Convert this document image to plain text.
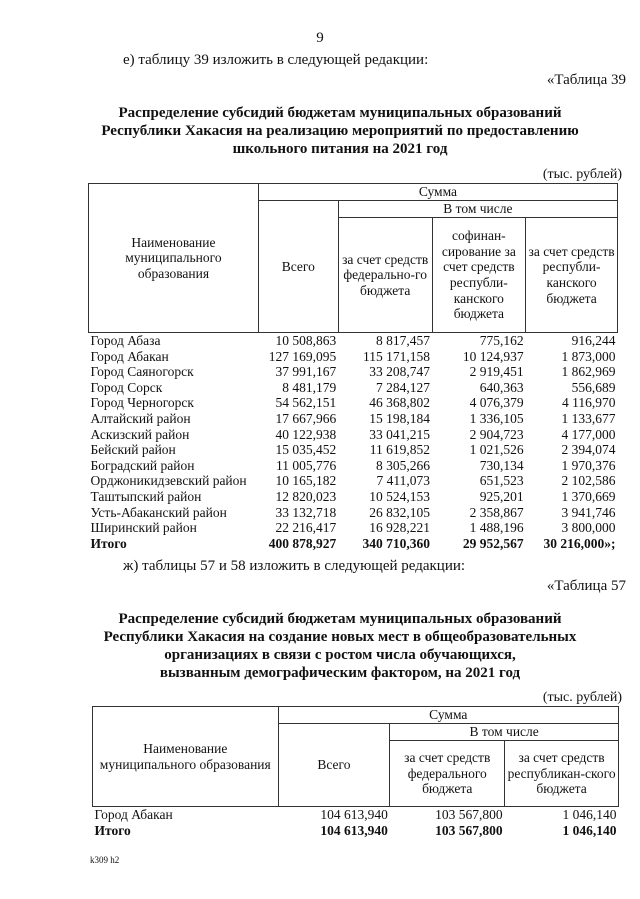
9
е) таблицу 39 изложить в следующей редакции:
«Таблица 39
Распределение субсидий бюджетам муниципальных образований
Республики Хакасия на реализацию мероприятий по предоставлению
школьного питания на 2021 год
(тыс. рублей)
Наименование муниципального образования	Сумма			
	Всего	В том числе		
		за счет средств федерально-го бюджета	софинан-сирование за счет средств республи-канского бюджета	за счет средств республи-канского бюджета
Город Абаза	10 508,863	8 817,457	775,162	916,244
Город Абакан	127 169,095	115 171,158	10 124,937	1 873,000
Город Саяногорск	37 991,167	33 208,747	2 919,451	1 862,969
Город Сорск	8 481,179	7 284,127	640,363	556,689
Город Черногорск	54 562,151	46 368,802	4 076,379	4 116,970
Алтайский район	17 667,966	15 198,184	1 336,105	1 133,677
Аскизский район	40 122,938	33 041,215	2 904,723	4 177,000
Бейский район	15 035,452	11 619,852	1 021,526	2 394,074
Боградский район	11 005,776	8 305,266	730,134	1 970,376
Орджоникидзевский район	10 165,182	7 411,073	651,523	2 102,586
Таштыпский район	12 820,023	10 524,153	925,201	1 370,669
Усть-Абаканский район	33 132,718	26 832,105	2 358,867	3 941,746
Ширинский район	22 216,417	16 928,221	1 488,196	3 800,000
Итого	400 878,927	340 710,360	29 952,567	30 216,000»;
ж) таблицы 57 и 58 изложить в следующей редакции:
«Таблица 57
Распределение субсидий бюджетам муниципальных образований
Республики Хакасия на создание новых мест в общеобразовательных
организациях в связи с ростом числа обучающихся,
вызванным демографическим фактором, на 2021 год
(тыс. рублей)
Наименование муниципального образования	Сумма		
	Всего	В том числе	
		за счет средств федерального бюджета	за счет средств республикан-ского бюджета
Город Абакан	104 613,940	103 567,800	1 046,140
Итого	104 613,940	103 567,800	1 046,140
k309 h2
